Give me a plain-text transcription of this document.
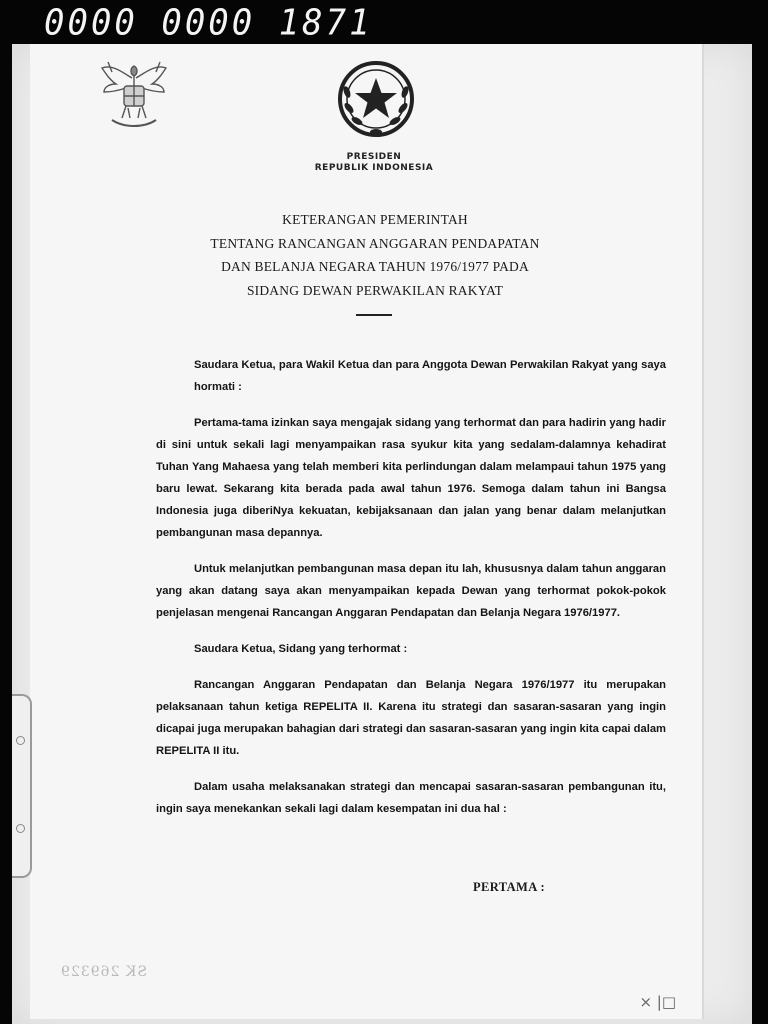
0000 0000 1871
PRESIDEN
REPUBLIK INDONESIA
KETERANGAN PEMERINTAH
TENTANG RANCANGAN ANGGARAN PENDAPATAN
DAN BELANJA NEGARA TAHUN 1976/1977 PADA
SIDANG DEWAN PERWAKILAN RAKYAT

Saudara Ketua, para Wakil Ketua dan para Anggota Dewan Perwakilan Rakyat yang saya hormati :

Pertama-tama izinkan saya mengajak sidang yang terhormat dan para hadirin yang hadir di sini untuk sekali lagi menyampaikan rasa syukur kita yang sedalam-dalamnya kehadirat Tuhan Yang Mahaesa yang telah memberi kita perlindungan dalam melampaui tahun 1975 yang baru lewat. Sekarang kita berada pada awal tahun 1976. Semoga dalam tahun ini Bangsa Indonesia juga diberiNya kekuatan, kebijaksanaan dan jalan yang benar dalam melanjutkan pembangunan masa depannya.

Untuk melanjutkan pembangunan masa depan itu lah, khususnya dalam tahun anggaran yang akan datang saya akan menyampaikan kepada Dewan yang terhormat pokok-pokok penjelasan mengenai Rancangan Anggaran Pendapatan dan Belanja Negara 1976/1977.

Saudara Ketua, Sidang yang terhormat :

Rancangan Anggaran Pendapatan dan Belanja Negara 1976/1977 itu merupakan pelaksanaan tahun ketiga REPELITA II. Karena itu strategi dan sasaran-sasaran yang ingin dicapai juga merupakan bahagian dari strategi dan sasaran-sasaran yang ingin kita capai dalam REPELITA II itu.

Dalam usaha melaksanakan strategi dan mencapai sasaran-sasaran pembangunan itu, ingin saya menekankan sekali lagi dalam kesempatan ini dua hal :

PERTAMA :
SK 269329
× |□
